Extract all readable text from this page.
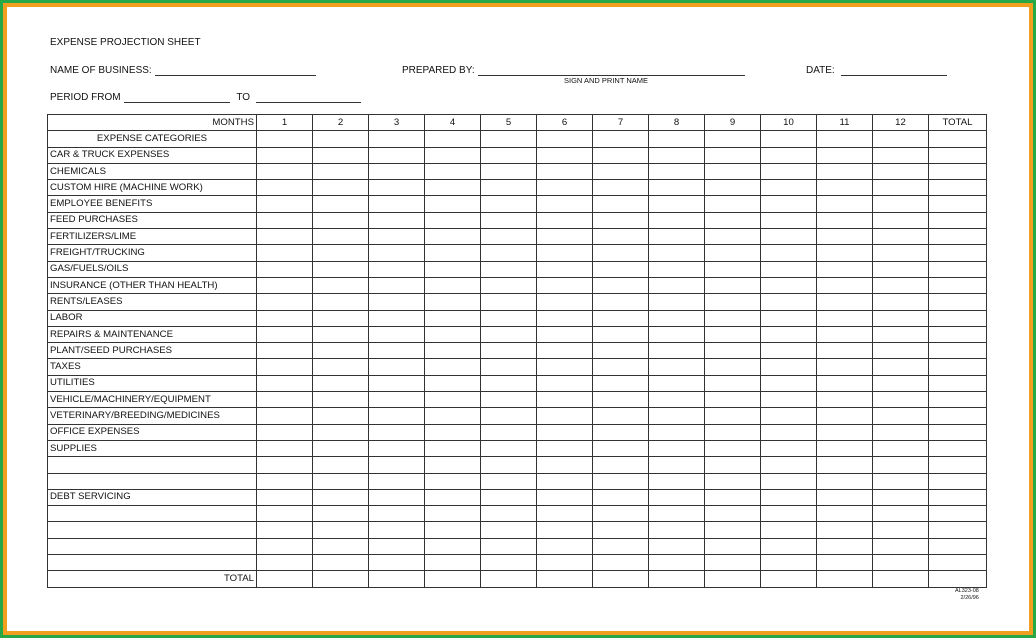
EXPENSE PROJECTION SHEET
NAME OF BUSINESS:	PREPARED BY:
SIGN AND PRINT NAME
DATE:
PERIOD FROM	TO
MONTHS	1	2	3	4	5	6	7	8	9	10	11	12	TOTAL
EXPENSE CATEGORIES													
CAR & TRUCK EXPENSES													
CHEMICALS													
CUSTOM HIRE (MACHINE WORK)													
EMPLOYEE BENEFITS													
FEED PURCHASES													
FERTILIZERS/LIME													
FREIGHT/TRUCKING													
GAS/FUELS/OILS													
INSURANCE (OTHER THAN HEALTH)													
RENTS/LEASES													
LABOR													
REPAIRS & MAINTENANCE													
PLANT/SEED PURCHASES													
TAXES													
UTILITIES													
VEHICLE/MACHINERY/EQUIPMENT													
VETERINARY/BREEDING/MEDICINES													
OFFICE EXPENSES													
SUPPLIES													

DEBT SERVICING													

TOTAL													
AL323-08
2/26/96
